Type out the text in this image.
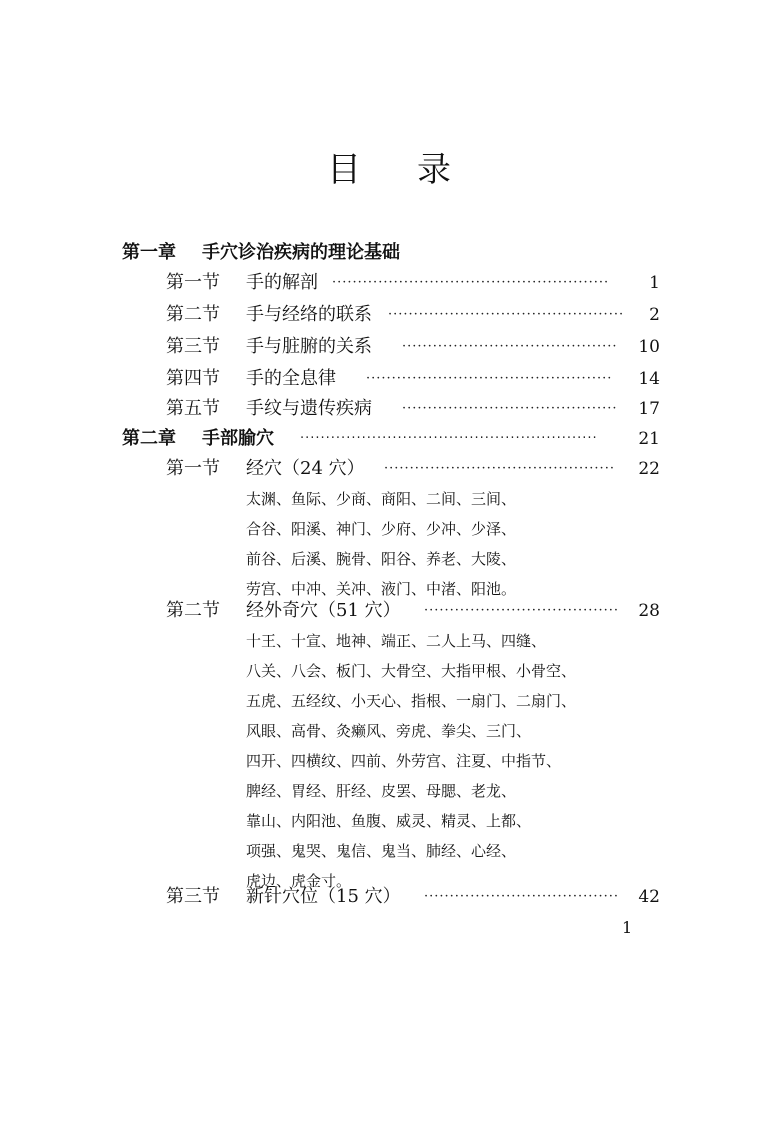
目 录
第一章 手穴诊治疾病的理论基础
第一节 手的解剖 ······················································	1
第二节 手与经络的联系 ··············································	2
第三节 手与脏腑的关系 ··········································	10
第四节 手的全息律 ················································	14
第五节 手纹与遗传疾病 ··········································	17
第二章 手部腧穴 ··························································	21
第一节 经穴（24 穴） ·············································	22
太渊、鱼际、少商、商阳、二间、三间、
合谷、阳溪、神门、少府、少冲、少泽、
前谷、后溪、腕骨、阳谷、养老、大陵、
劳宫、中冲、关冲、液门、中渚、阳池。
第二节 经外奇穴（51 穴） ······································	28
十王、十宣、地神、端正、二人上马、四缝、
八关、八会、板门、大骨空、大指甲根、小骨空、
五虎、五经纹、小天心、指根、一扇门、二扇门、
风眼、高骨、灸癞风、旁虎、拳尖、三门、
四开、四横纹、四前、外劳宫、注夏、中指节、
脾经、胃经、肝经、皮罢、母腮、老龙、
靠山、内阳池、鱼腹、威灵、精灵、上都、
项强、鬼哭、鬼信、鬼当、肺经、心经、
虎边、虎金寸。
第三节 新针穴位（15 穴） ······································	42
1
